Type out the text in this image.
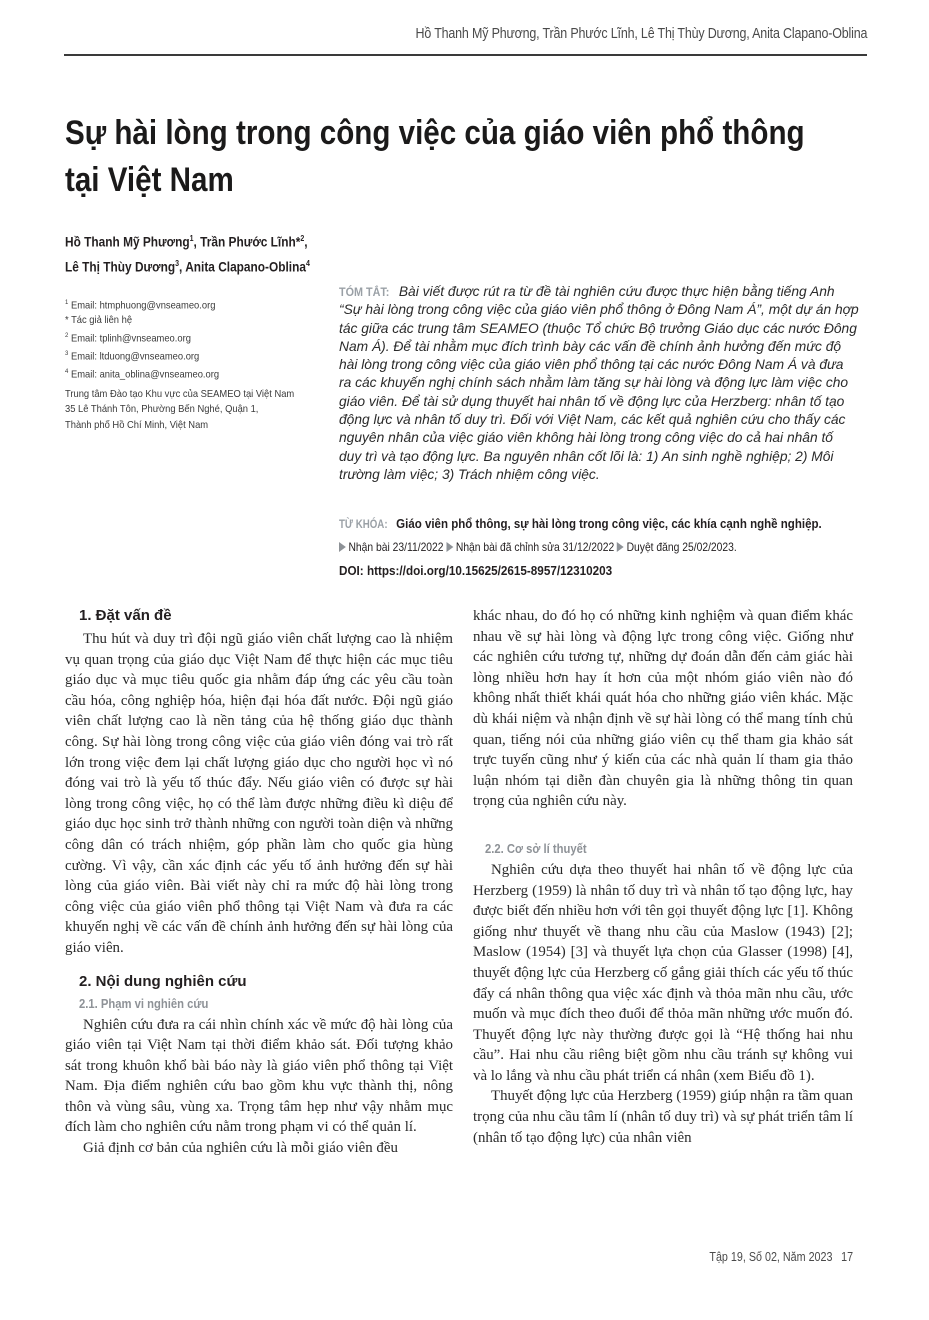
Hồ Thanh Mỹ Phương, Trần Phước Lĩnh, Lê Thị Thùy Dương, Anita Clapano-Oblina
Sự hài lòng trong công việc của giáo viên phổ thông
tại Việt Nam
Hồ Thanh Mỹ Phương$^1$, Trần Phước Lĩnh*$^2$,
Lê Thị Thùy Dương$^3$, Anita Clapano-Oblina$^4$
$^1$ Email: htmphuong@vnseameo.org
* Tác giả liên hệ
$^2$ Email: tplinh@vnseameo.org
$^3$ Email: ltduong@vnseameo.org
$^4$ Email: anita_oblina@vnseameo.org
Trung tâm Đào tạo Khu vực của SEAMEO tại Việt Nam
35 Lê Thánh Tôn, Phường Bến Nghé, Quận 1,
Thành phố Hồ Chí Minh, Việt Nam

TÓM TẮT: Bài viết được rút ra từ đề tài nghiên cứu được thực hiện bằng tiếng Anh “Sự hài lòng trong công việc của giáo viên phổ thông ở Đông Nam Á”, một dự án hợp tác giữa các trung tâm SEAMEO (thuộc Tổ chức Bộ trưởng Giáo dục các nước Đông Nam Á). Để tài nhằm mục đích trình bày các vấn đề chính ảnh hưởng đến mức độ hài lòng trong công việc của giáo viên phổ thông tại các nước Đông Nam Á và đưa ra các khuyến nghị chính sách nhằm làm tăng sự hài lòng và động lực làm việc cho giáo viên. Để tài sử dụng thuyết hai nhân tố về động lực của Herzberg: nhân tố tạo động lực và nhân tố duy trì. Đối với Việt Nam, các kết quả nghiên cứu cho thấy các nguyên nhân của việc giáo viên không hài lòng trong công việc do cả hai nhân tố duy trì và tạo động lực. Ba nguyên nhân cốt lõi là: 1) An sinh nghề nghiệp; 2) Môi trường làm việc; 3) Trách nhiệm công việc.

TỪ KHÓA: Giáo viên phổ thông, sự hài lòng trong công việc, các khía cạnh nghề nghiệp.
Nhận bài 23/11/2022 Nhận bài đã chỉnh sửa 31/12/2022 Duyệt đăng 25/02/2023.
DOI: https://doi.org/10.15625/2615-8957/12310203
1. Đặt vấn đề

Thu hút và duy trì đội ngũ giáo viên chất lượng cao là nhiệm vụ quan trọng của giáo dục Việt Nam để thực hiện các mục tiêu giáo dục và mục tiêu quốc gia nhằm đáp ứng các yêu cầu toàn cầu hóa, công nghiệp hóa, hiện đại hóa đất nước. Đội ngũ giáo viên chất lượng cao là nền tảng của hệ thống giáo dục thành công. Sự hài lòng trong công việc của giáo viên đóng vai trò rất lớn trong việc đem lại chất lượng giáo dục cho người học vì nó đóng vai trò là yếu tố thúc đẩy. Nếu giáo viên có được sự hài lòng trong công việc, họ có thể làm được những điều kì diệu để giáo dục học sinh trở thành những con người toàn diện và những công dân có trách nhiệm, góp phần làm cho quốc gia hùng cường. Vì vậy, cần xác định các yếu tố ảnh hưởng đến sự hài lòng của giáo viên. Bài viết này chỉ ra mức độ hài lòng trong công việc của giáo viên phổ thông tại Việt Nam và đưa ra các khuyến nghị về các vấn đề chính ảnh hưởng đến sự hài lòng của giáo viên.

2. Nội dung nghiên cứu
2.1. Phạm vi nghiên cứu

Nghiên cứu đưa ra cái nhìn chính xác về mức độ hài lòng của giáo viên tại Việt Nam tại thời điểm khảo sát. Đối tượng khảo sát trong khuôn khổ bài báo này là giáo viên phổ thông tại Việt Nam. Địa điểm nghiên cứu bao gồm khu vực thành thị, nông thôn và vùng sâu, vùng xa. Trọng tâm hẹp như vậy nhằm mục đích làm cho nghiên cứu nằm trong phạm vi có thể quản lí.

Giả định cơ bản của nghiên cứu là mỗi giáo viên đều

khác nhau, do đó họ có những kinh nghiệm và quan điểm khác nhau về sự hài lòng và động lực trong công việc. Giống như các nghiên cứu tương tự, những dự đoán dẫn đến cảm giác hài lòng nhiều hơn hay ít hơn của một nhóm giáo viên nào đó không nhất thiết khái quát hóa cho những giáo viên khác. Mặc dù khái niệm và nhận định về sự hài lòng có thể mang tính chủ quan, tiếng nói của những giáo viên cụ thể tham gia khảo sát trực tuyến cũng như ý kiến của các nhà quản lí tham gia thảo luận nhóm tại diễn đàn chuyên gia là những thông tin quan trọng của nghiên cứu này.

2.2. Cơ sở lí thuyết

Nghiên cứu dựa theo thuyết hai nhân tố về động lực của Herzberg (1959) là nhân tố duy trì và nhân tố tạo động lực, hay được biết đến nhiều hơn với tên gọi thuyết động lực [1]. Không giống như thuyết về thang nhu cầu của Maslow (1943) [2]; Maslow (1954) [3] và thuyết lựa chọn của Glasser (1998) [4], thuyết động lực của Herzberg cố gắng giải thích các yếu tố thúc đẩy cá nhân thông qua việc xác định và thỏa mãn nhu cầu, ước muốn và mục đích theo đuổi để thỏa mãn những ước muốn đó. Thuyết động lực này thường được gọi là “Hệ thống hai nhu cầu”. Hai nhu cầu riêng biệt gồm nhu cầu tránh sự không vui và lo lắng và nhu cầu phát triển cá nhân (xem Biểu đồ 1).

Thuyết động lực của Herzberg (1959) giúp nhận ra tầm quan trọng của nhu cầu tâm lí (nhân tố duy trì) và sự phát triển tâm lí (nhân tố tạo động lực) của nhân viên

Tập 19, Số 02, Năm 2023 17
